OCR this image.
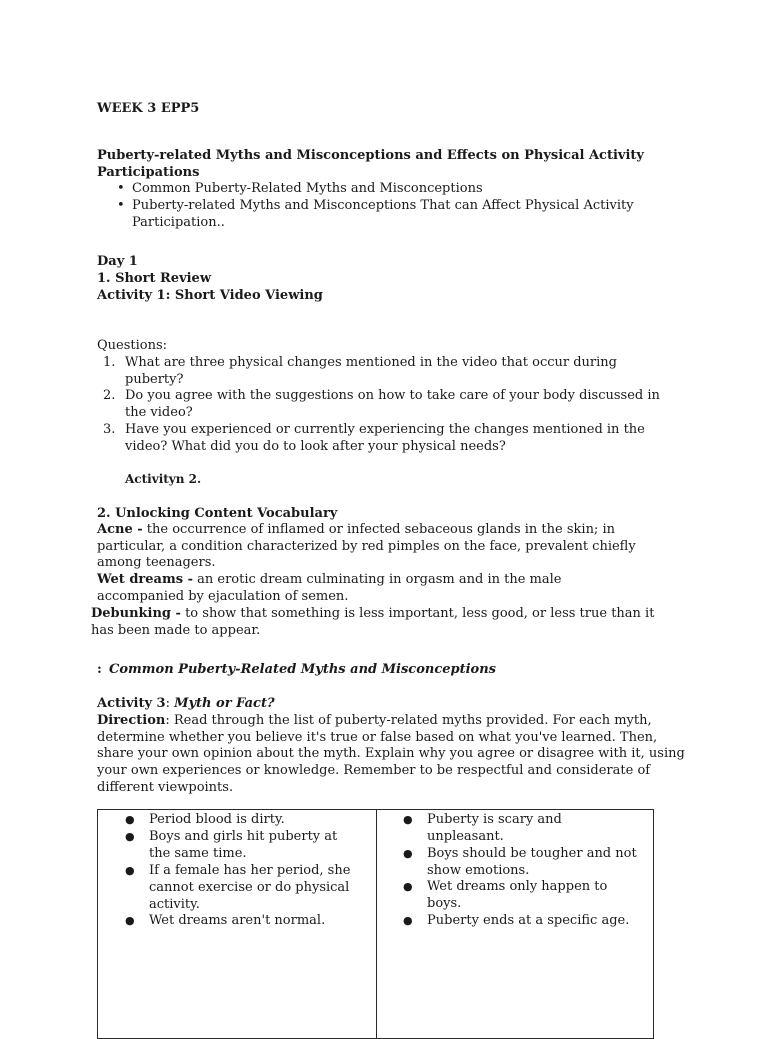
WEEK 3 EPP5
Puberty-related Myths and Misconceptions and Effects on Physical Activity
Participations
• Common Puberty-Related Myths and Misconceptions
• Puberty-related Myths and Misconceptions That can Affect Physical Activity
Participation..
Day 1
1. Short Review
Activity 1: Short Video Viewing
Questions:
1. What are three physical changes mentioned in the video that occur during
puberty?
2. Do you agree with the suggestions on how to take care of your body discussed in
the video?
3. Have you experienced or currently experiencing the changes mentioned in the
video? What did you do to look after your physical needs?
Activityn 2.
2. Unlocking Content Vocabulary
Acne - the occurrence of inflamed or infected sebaceous glands in the skin; in
particular, a condition characterized by red pimples on the face, prevalent chiefly
among teenagers.
Wet dreams - an erotic dream culminating in orgasm and in the male
accompanied by ejaculation of semen.
Debunking - to show that something is less important, less good, or less true than it
has been made to appear.
: Common Puberty-Related Myths and Misconceptions
Activity 3: Myth or Fact?
Direction: Read through the list of puberty-related myths provided. For each myth,
determine whether you believe it's true or false based on what you've learned. Then,
share your own opinion about the myth. Explain why you agree or disagree with it, using
your own experiences or knowledge. Remember to be respectful and considerate of
different viewpoints.
● Period blood is dirty.
● Boys and girls hit puberty at
the same time.
● If a female has her period, she
cannot exercise or do physical
activity.
● Wet dreams aren't normal.

● Puberty is scary and
unpleasant.
● Boys should be tougher and not
show emotions.
● Wet dreams only happen to
boys.
● Puberty ends at a specific age.
